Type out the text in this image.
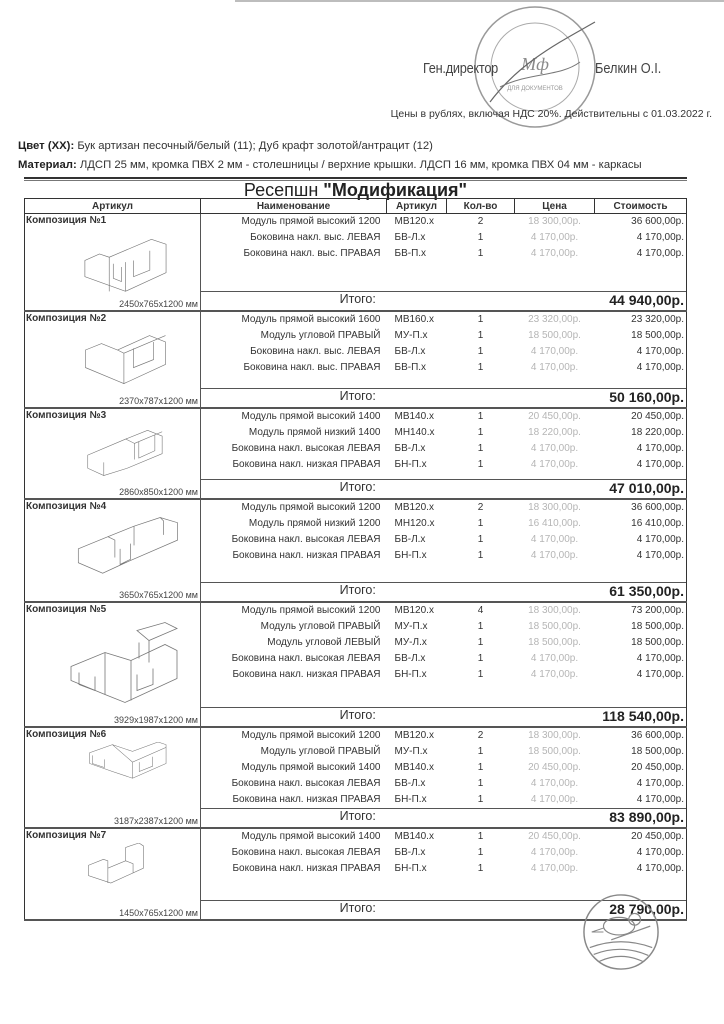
Мф
ДЛЯ ДОКУМЕНТОВ
Ген.директор	Белкин О.І.
Цены в рублях, включая НДС 20%. Действительны с 01.03.2022 г.
Цвет (XX): Бук артизан песочный/белый (11); Дуб крафт золотой/антрацит (12)
Материал: ЛДСП 25 мм, кромка ПВХ 2 мм - столешницы / верхние крышки. ЛДСП 16 мм, кромка ПВХ 04 мм - каркасы
Ресепшн "Модификация"
Артикул	Наименование	Артикул	Кол-во	Цена	Стоимость

Композиция №1
2450x765x1200 мм	Модуль прямой высокий 1200	МВ120.х	2	18 300,00р.	36 600,00р.
	Боковина накл. выс. ЛЕВАЯ	БВ-Л.х	1	4 170,00р.	4 170,00р.
	Боковина накл. выс. ПРАВАЯ	БВ-П.х	1	4 170,00р.	4 170,00р.

	Итого:			44 940,00р.	

Композиция №2
2370x787x1200 мм	Модуль прямой высокий 1600	МВ160.х	1	23 320,00р.	23 320,00р.
	Модуль угловой ПРАВЫЙ	МУ-П.х	1	18 500,00р.	18 500,00р.
	Боковина накл. выс. ЛЕВАЯ	БВ-Л.х	1	4 170,00р.	4 170,00р.
	Боковина накл. выс. ПРАВАЯ	БВ-П.х	1	4 170,00р.	4 170,00р.

	Итого:			50 160,00р.	

Композиция №3
2860x850x1200 мм	Модуль прямой высокий 1400	МВ140.х	1	20 450,00р.	20 450,00р.
	Модуль прямой низкий 1400	МН140.х	1	18 220,00р.	18 220,00р.
	Боковина накл. высокая ЛЕВАЯ	БВ-Л.х	1	4 170,00р.	4 170,00р.
	Боковина накл. низкая ПРАВАЯ	БН-П.х	1	4 170,00р.	4 170,00р.

	Итого:			47 010,00р.	

Композиция №4
3650x765x1200 мм	Модуль прямой высокий 1200	МВ120.х	2	18 300,00р.	36 600,00р.
	Модуль прямой низкий 1200	МН120.х	1	16 410,00р.	16 410,00р.
	Боковина накл. высокая ЛЕВАЯ	БВ-Л.х	1	4 170,00р.	4 170,00р.
	Боковина накл. низкая ПРАВАЯ	БН-П.х	1	4 170,00р.	4 170,00р.

	Итого:			61 350,00р.	

Композиция №5
3929x1987x1200 мм	Модуль прямой высокий 1200	МВ120.х	4	18 300,00р.	73 200,00р.
	Модуль угловой ПРАВЫЙ	МУ-П.х	1	18 500,00р.	18 500,00р.
	Модуль угловой ЛЕВЫЙ	МУ-Л.х	1	18 500,00р.	18 500,00р.
	Боковина накл. высокая ЛЕВАЯ	БВ-Л.х	1	4 170,00р.	4 170,00р.
	Боковина накл. низкая ПРАВАЯ	БН-П.х	1	4 170,00р.	4 170,00р.

	Итого:			118 540,00р.	

Композиция №6
3187x2387x1200 мм	Модуль прямой высокий 1200	МВ120.х	2	18 300,00р.	36 600,00р.
	Модуль угловой ПРАВЫЙ	МУ-П.х	1	18 500,00р.	18 500,00р.
	Модуль прямой высокий 1400	МВ140.х	1	20 450,00р.	20 450,00р.
	Боковина накл. высокая ЛЕВАЯ	БВ-Л.х	1	4 170,00р.	4 170,00р.
	Боковина накл. низкая ПРАВАЯ	БН-П.х	1	4 170,00р.	4 170,00р.

	Итого:			83 890,00р.	

Композиция №7
1450x765x1200 мм	Модуль прямой высокий 1400	МВ140.х	1	20 450,00р.	20 450,00р.
	Боковина накл. высокая ЛЕВАЯ	БВ-Л.х	1	4 170,00р.	4 170,00р.
	Боковина накл. низкая ПРАВАЯ	БН-П.х	1	4 170,00р.	4 170,00р.

	Итого:			28 790,00р.	
